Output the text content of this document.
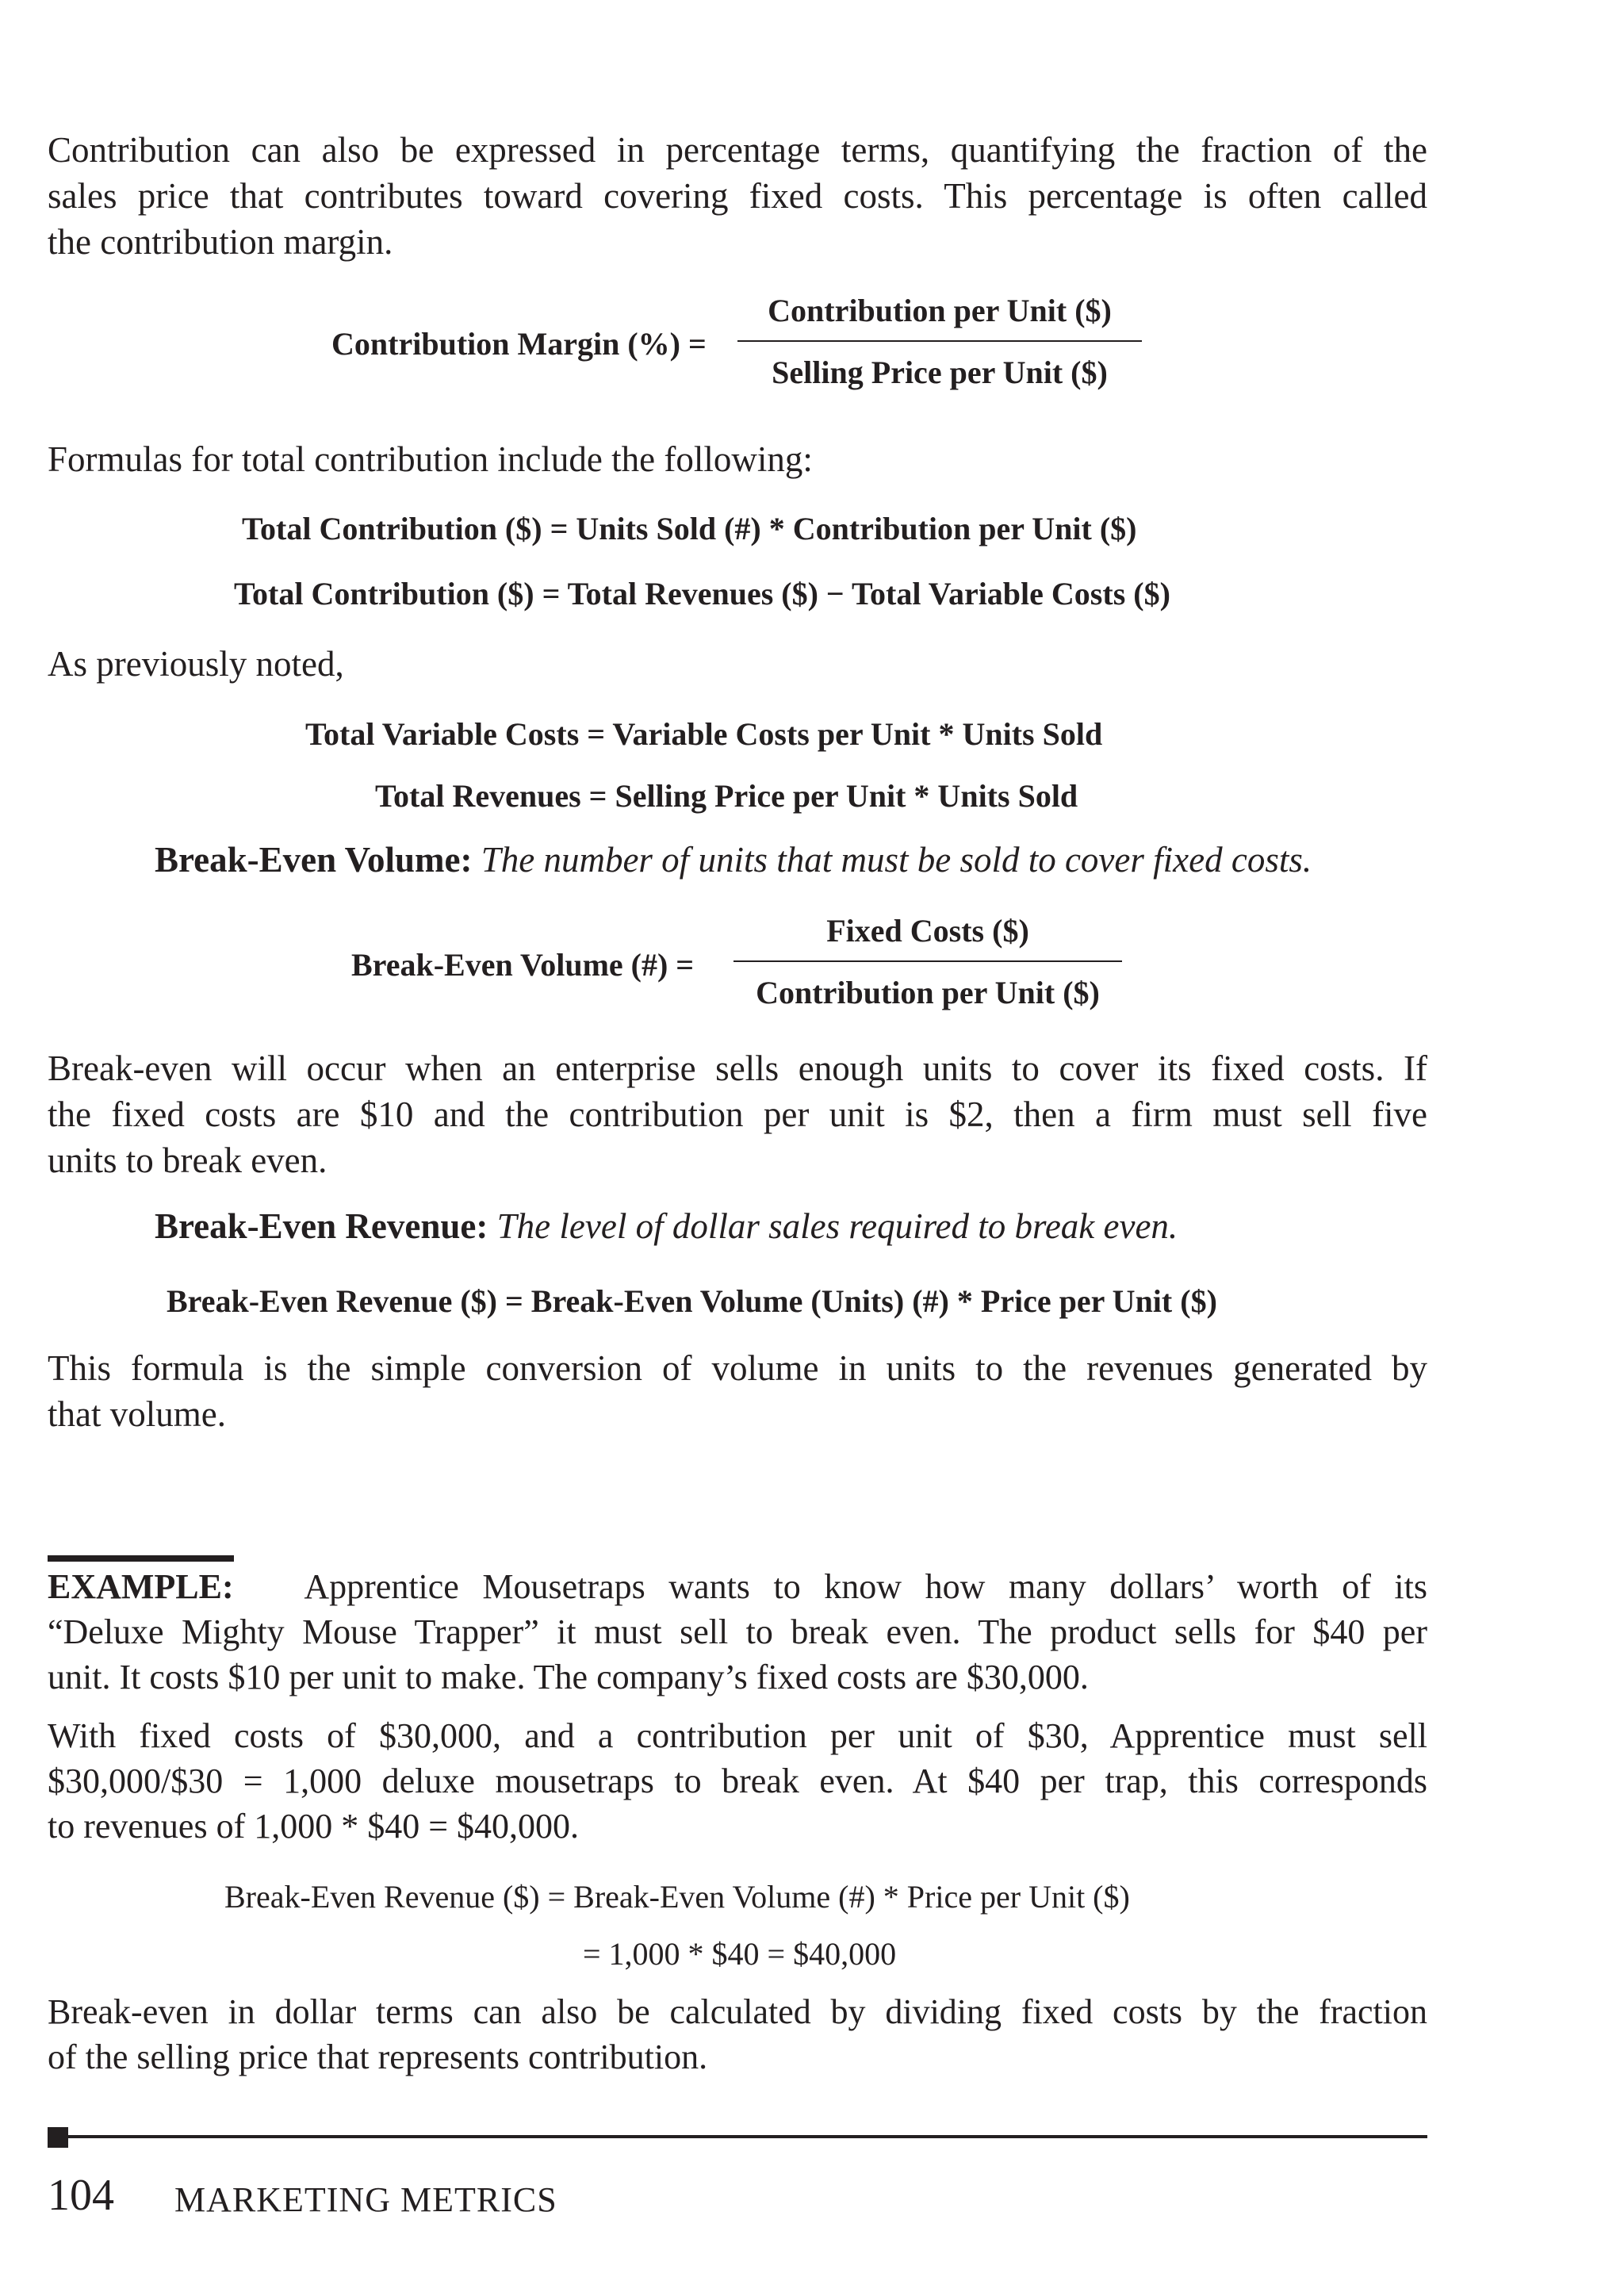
Contribution can also be expressed in percentage terms, quantifying the fraction of the
sales price that contributes toward covering fixed costs. This percentage is often called
the contribution margin.
Contribution Margin (%) =
Contribution per Unit ($)
Selling Price per Unit ($)
Formulas for total contribution include the following:
Total Contribution ($) = Units Sold (#) * Contribution per Unit ($)
Total Contribution ($) = Total Revenues ($) − Total Variable Costs ($)
As previously noted,
Total Variable Costs = Variable Costs per Unit * Units Sold
Total Revenues = Selling Price per Unit * Units Sold
Break-Even Volume: The number of units that must be sold to cover fixed costs.
Break-Even Volume (#) =
Fixed Costs ($)
Contribution per Unit ($)
Break-even will occur when an enterprise sells enough units to cover its fixed costs. If
the fixed costs are $10 and the contribution per unit is $2, then a firm must sell five
units to break even.
Break-Even Revenue: The level of dollar sales required to break even.
Break-Even Revenue ($) = Break-Even Volume (Units) (#) * Price per Unit ($)
This formula is the simple conversion of volume in units to the revenues generated by
that volume.
EXAMPLE: Apprentice Mousetraps wants to know how many dollars’ worth of its
“Deluxe Mighty Mouse Trapper” it must sell to break even. The product sells for $40 per
unit. It costs $10 per unit to make. The company’s fixed costs are $30,000.
With fixed costs of $30,000, and a contribution per unit of $30, Apprentice must sell
$30,000/$30 = 1,000 deluxe mousetraps to break even. At $40 per trap, this corresponds
to revenues of 1,000 * $40 = $40,000.
Break-Even Revenue ($) = Break-Even Volume (#) * Price per Unit ($)
= 1,000 * $40 = $40,000
Break-even in dollar terms can also be calculated by dividing fixed costs by the fraction
of the selling price that represents contribution.
104 MARKETING METRICS
